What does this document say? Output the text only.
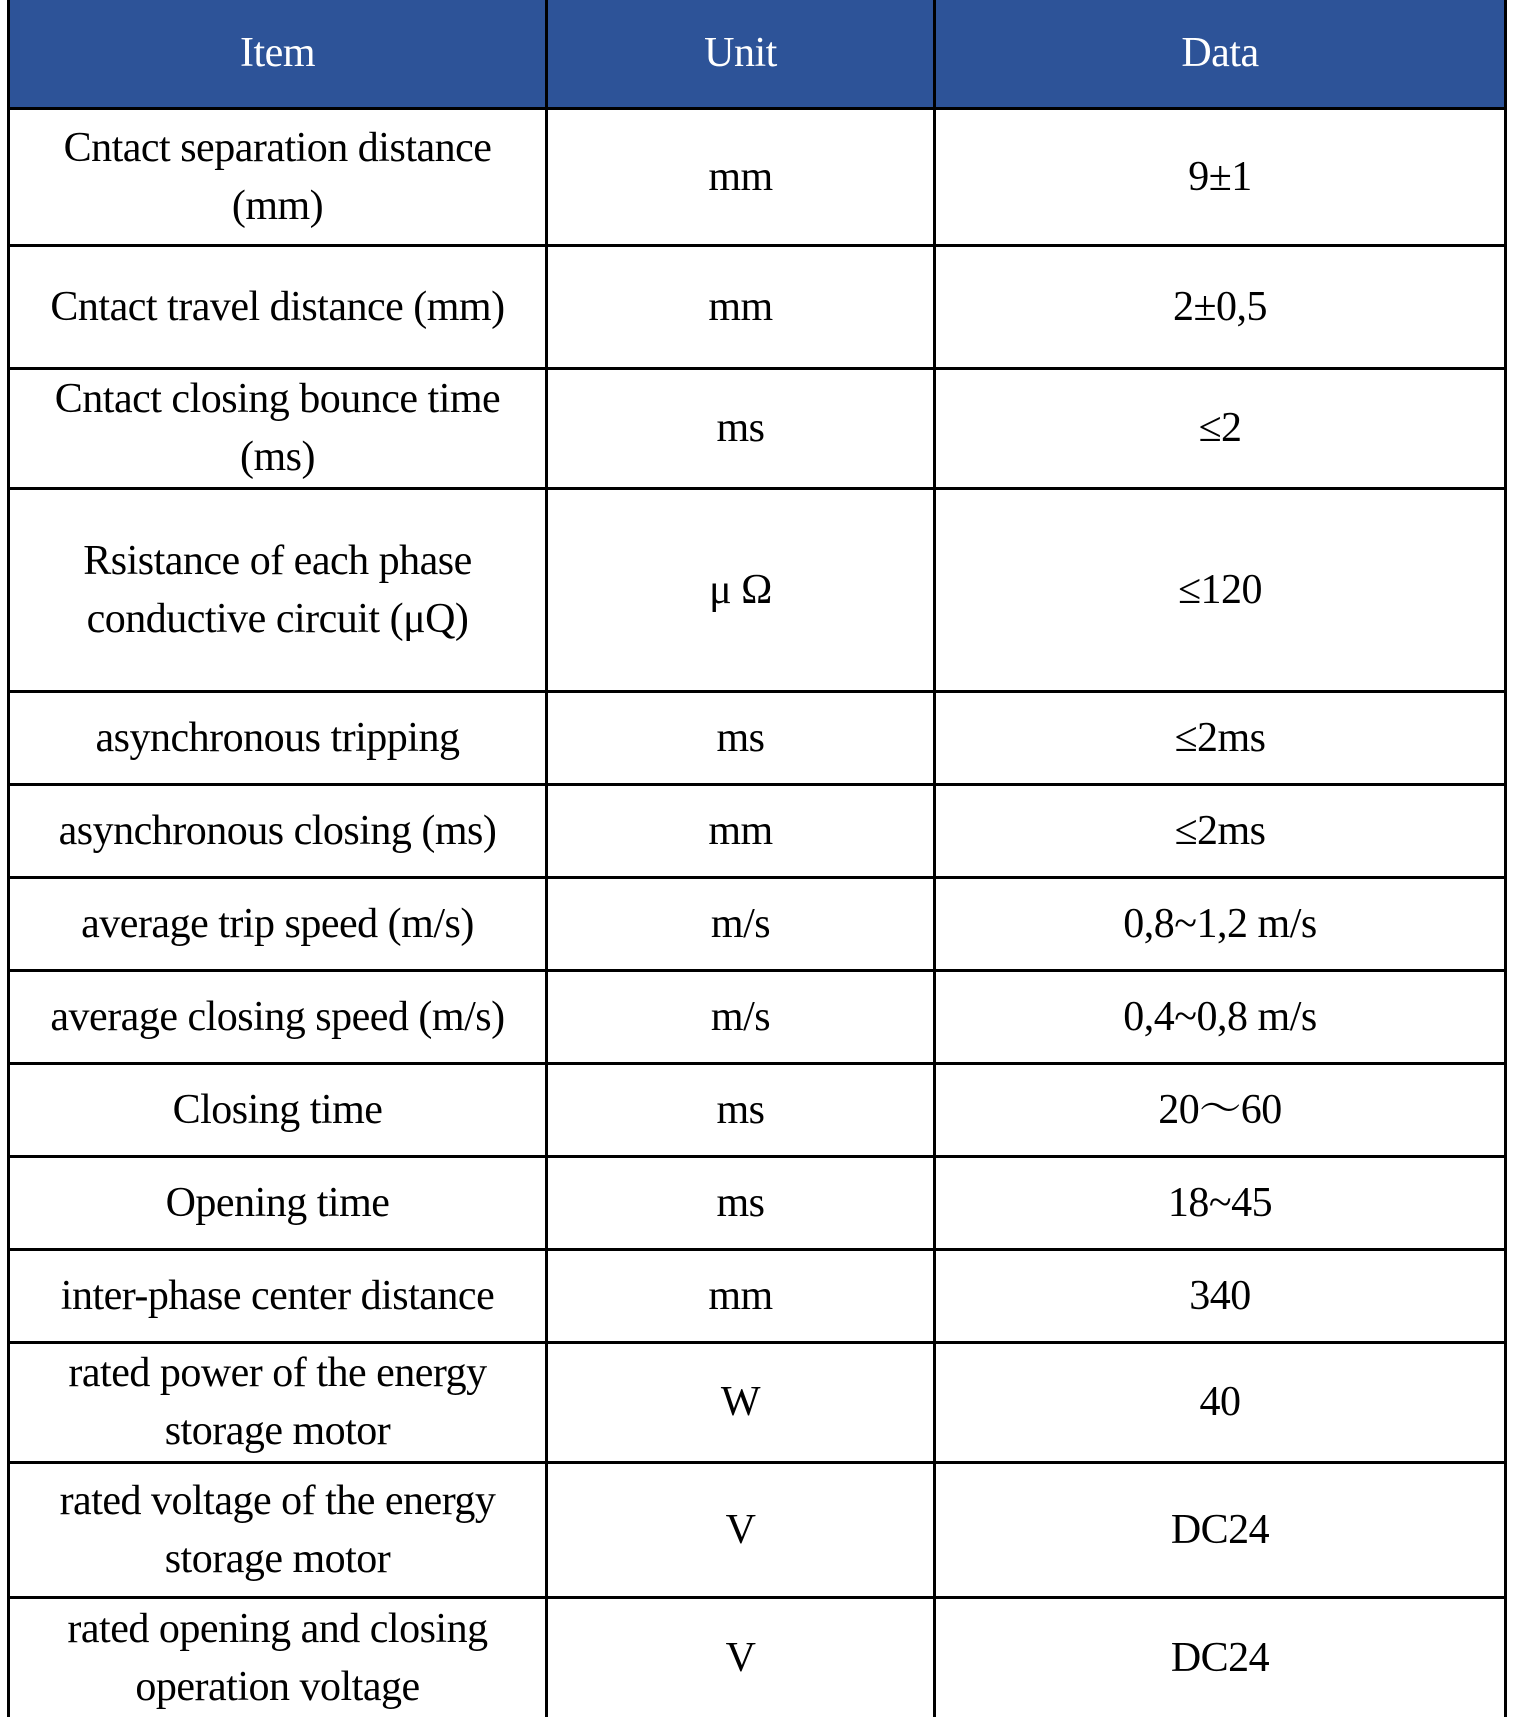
Item	Unit	Data
Cntact separation distance (mm)	mm	9±1
Cntact travel distance (mm)	mm	2±0,5
Cntact closing bounce time (ms)	ms	≤2
Rsistance of each phase conductive circuit (μQ)	μ Ω	≤120
asynchronous tripping	ms	≤2ms
asynchronous closing (ms)	mm	≤2ms
average trip speed (m/s)	m/s	0,8~1,2 m/s
average closing speed (m/s)	m/s	0,4~0,8 m/s
Closing time	ms	20～60
Opening time	ms	18~45
inter-phase center distance	mm	340
rated power of the energy storage motor	W	40
rated voltage of the energy storage motor	V	DC24
rated opening and closing operation voltage	V	DC24
